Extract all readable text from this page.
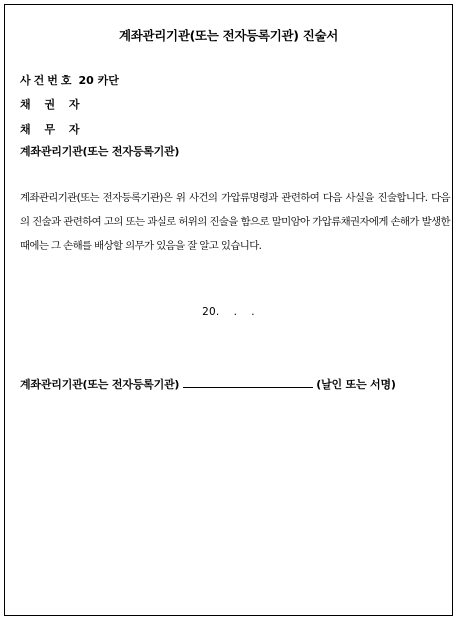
계좌관리기관(또는 전자등록기관) 진술서
사건번호 20 카단
채 권 자
채 무 자
계좌관리기관(또는 전자등록기관)
계좌관리기관(또는 전자등록기관)은 위 사건의 가압류명령과 관련하여 다음 사실을 진술합니다. 다음의 진술과 관련하여 고의 또는 과실로 허위의 진술을 함으로 말미암아 가압류채권자에게 손해가 발생한 때에는 그 손해를 배상할 의무가 있음을 잘 알고 있습니다.
20.    .    .
계좌관리기관(또는 전자등록기관)	(날인 또는 서명)
